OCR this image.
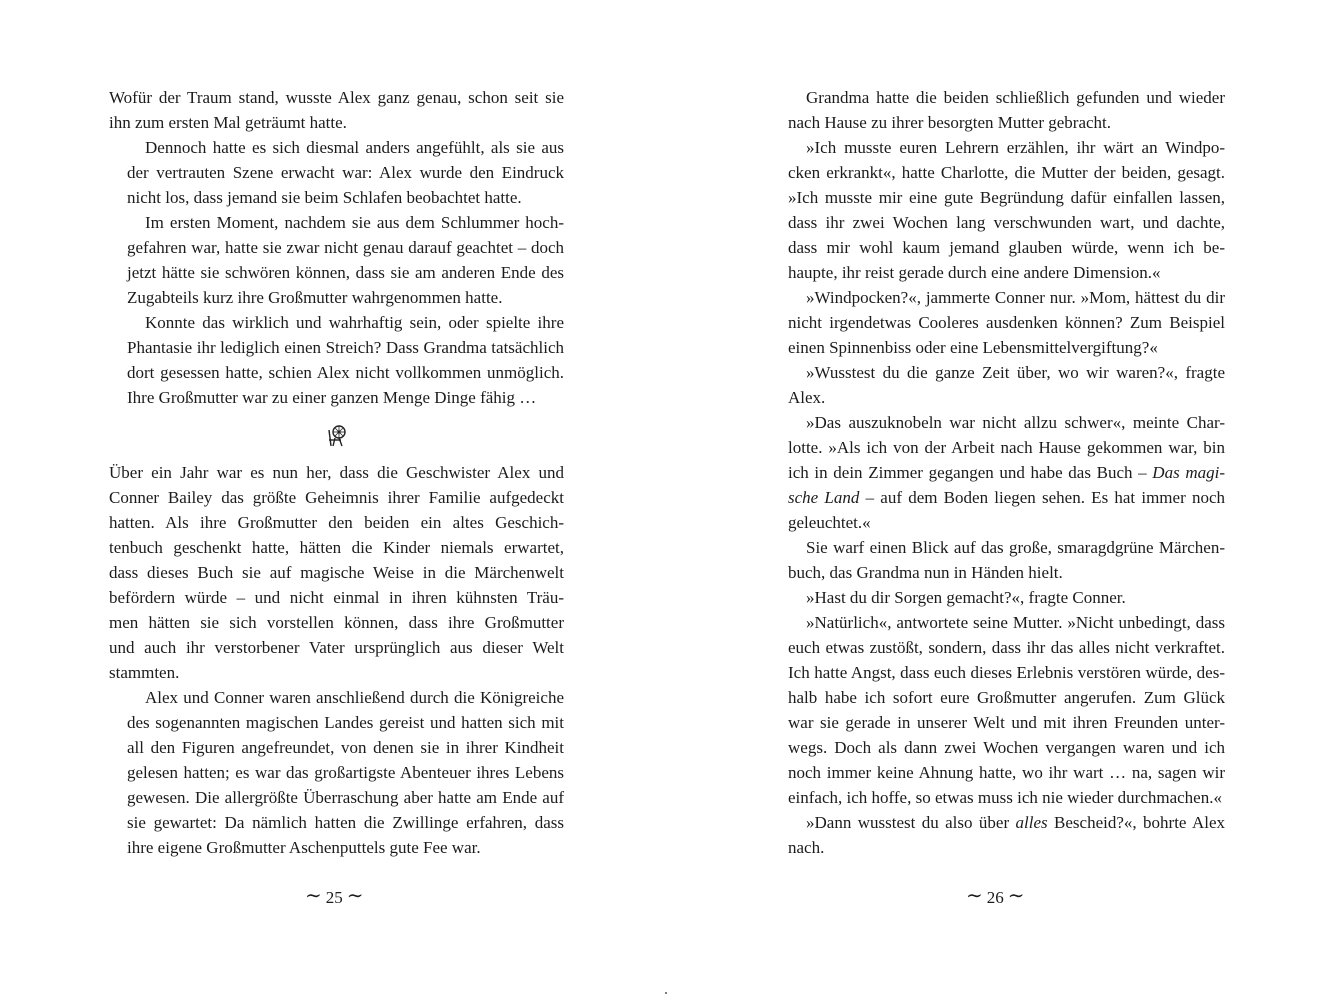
Wofür der Traum stand, wusste Alex ganz genau, schon seit sie
ihn zum ersten Mal geträumt hatte.

Dennoch hatte es sich diesmal anders angefühlt, als sie aus
der vertrauten Szene erwacht war: Alex wurde den Eindruck
nicht los, dass jemand sie beim Schlafen beobachtet hatte.

Im ersten Moment, nachdem sie aus dem Schlummer hoch-
gefahren war, hatte sie zwar nicht genau darauf geachtet – doch
jetzt hätte sie schwören können, dass sie am anderen Ende des
Zugabteils kurz ihre Großmutter wahrgenommen hatte.

Konnte das wirklich und wahrhaftig sein, oder spielte ihre
Phantasie ihr lediglich einen Streich? Dass Grandma tatsächlich
dort gesessen hatte, schien Alex nicht vollkommen unmöglich.
Ihre Großmutter war zu einer ganzen Menge Dinge fähig …

Über ein Jahr war es nun her, dass die Geschwister Alex und
Conner Bailey das größte Geheimnis ihrer Familie aufgedeckt
hatten. Als ihre Großmutter den beiden ein altes Geschich-
tenbuch geschenkt hatte, hätten die Kinder niemals erwartet,
dass dieses Buch sie auf magische Weise in die Märchenwelt
befördern würde – und nicht einmal in ihren kühnsten Träu-
men hätten sie sich vorstellen können, dass ihre Großmutter
und auch ihr verstorbener Vater ursprünglich aus dieser Welt
stammten.

Alex und Conner waren anschließend durch die Königreiche
des sogenannten magischen Landes gereist und hatten sich mit
all den Figuren angefreundet, von denen sie in ihrer Kindheit
gelesen hatten; es war das großartigste Abenteuer ihres Lebens
gewesen. Die allergrößte Überraschung aber hatte am Ende auf
sie gewartet: Da nämlich hatten die Zwillinge erfahren, dass
ihre eigene Großmutter Aschenputtels gute Fee war.

∼ 25 ∼

Grandma hatte die beiden schließlich gefunden und wieder
nach Hause zu ihrer besorgten Mutter gebracht.

»Ich musste euren Lehrern erzählen, ihr wärt an Windpo-
cken erkrankt«, hatte Charlotte, die Mutter der beiden, gesagt.
»Ich musste mir eine gute Begründung dafür einfallen lassen,
dass ihr zwei Wochen lang verschwunden wart, und dachte,
dass mir wohl kaum jemand glauben würde, wenn ich be-
haupte, ihr reist gerade durch eine andere Dimension.«

»Windpocken?«, jammerte Conner nur. »Mom, hättest du dir
nicht irgendetwas Cooleres ausdenken können? Zum Beispiel
einen Spinnenbiss oder eine Lebensmittelvergiftung?«

»Wusstest du die ganze Zeit über, wo wir waren?«, fragte
Alex.

»Das auszuknobeln war nicht allzu schwer«, meinte Char-
lotte. »Als ich von der Arbeit nach Hause gekommen war, bin
ich in dein Zimmer gegangen und habe das Buch – Das magi-
sche Land – auf dem Boden liegen sehen. Es hat immer noch
geleuchtet.«

Sie warf einen Blick auf das große, smaragdgrüne Märchen-
buch, das Grandma nun in Händen hielt.

»Hast du dir Sorgen gemacht?«, fragte Conner.

»Natürlich«, antwortete seine Mutter. »Nicht unbedingt, dass
euch etwas zustößt, sondern, dass ihr das alles nicht verkraftet.
Ich hatte Angst, dass euch dieses Erlebnis verstören würde, des-
halb habe ich sofort eure Großmutter angerufen. Zum Glück
war sie gerade in unserer Welt und mit ihren Freunden unter-
wegs. Doch als dann zwei Wochen vergangen waren und ich
noch immer keine Ahnung hatte, wo ihr wart … na, sagen wir
einfach, ich hoffe, so etwas muss ich nie wieder durchmachen.«

»Dann wusstest du also über alles Bescheid?«, bohrte Alex
nach.

∼ 26 ∼
